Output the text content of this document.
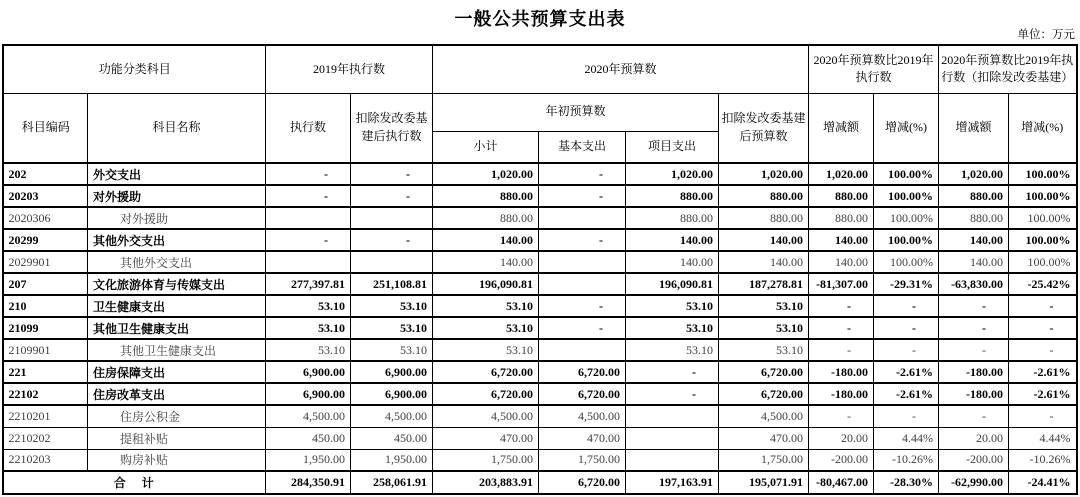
一般公共预算支出表
单位：万元
功能分类科目		2019年执行数		2020年预算数				2020年预算数比2019年执行数		2020年预算数比2019年执行数（扣除发改委基建）	
科目编码	科目名称	执行数	扣除发改委基建后执行数	年初预算数			扣除发改委基建后预算数	增减额	增减(%)	增减额	增减(%)
				小计	基本支出	项目支出					
202	外交支出	-	-	1,020.00	-	1,020.00	1,020.00	1,020.00	100.00%	1,020.00	100.00%
20203	对外援助	-	-	880.00	-	880.00	880.00	880.00	100.00%	880.00	100.00%
2020306	对外援助			880.00		880.00	880.00	880.00	100.00%	880.00	100.00%
20299	其他外交支出	-	-	140.00	-	140.00	140.00	140.00	100.00%	140.00	100.00%
2029901	其他外交支出			140.00		140.00	140.00	140.00	100.00%	140.00	100.00%
207	文化旅游体育与传媒支出	277,397.81	251,108.81	196,090.81		196,090.81	187,278.81	-81,307.00	-29.31%	-63,830.00	-25.42%
210	卫生健康支出	53.10	53.10	53.10	-	53.10	53.10	-	-	-	-
21099	其他卫生健康支出	53.10	53.10	53.10	-	53.10	53.10	-	-	-	-
2109901	其他卫生健康支出	53.10	53.10	53.10		53.10	53.10	-	-	-	-
221	住房保障支出	6,900.00	6,900.00	6,720.00	6,720.00	-	6,720.00	-180.00	-2.61%	-180.00	-2.61%
22102	住房改革支出	6,900.00	6,900.00	6,720.00	6,720.00	-	6,720.00	-180.00	-2.61%	-180.00	-2.61%
2210201	住房公积金	4,500.00	4,500.00	4,500.00	4,500.00		4,500.00	-	-	-	-
2210202	提租补贴	450.00	450.00	470.00	470.00		470.00	20.00	4.44%	20.00	4.44%
2210203	购房补贴	1,950.00	1,950.00	1,750.00	1,750.00		1,750.00	-200.00	-10.26%	-200.00	-10.26%
合　计		284,350.91	258,061.91	203,883.91	6,720.00	197,163.91	195,071.91	-80,467.00	-28.30%	-62,990.00	-24.41%
